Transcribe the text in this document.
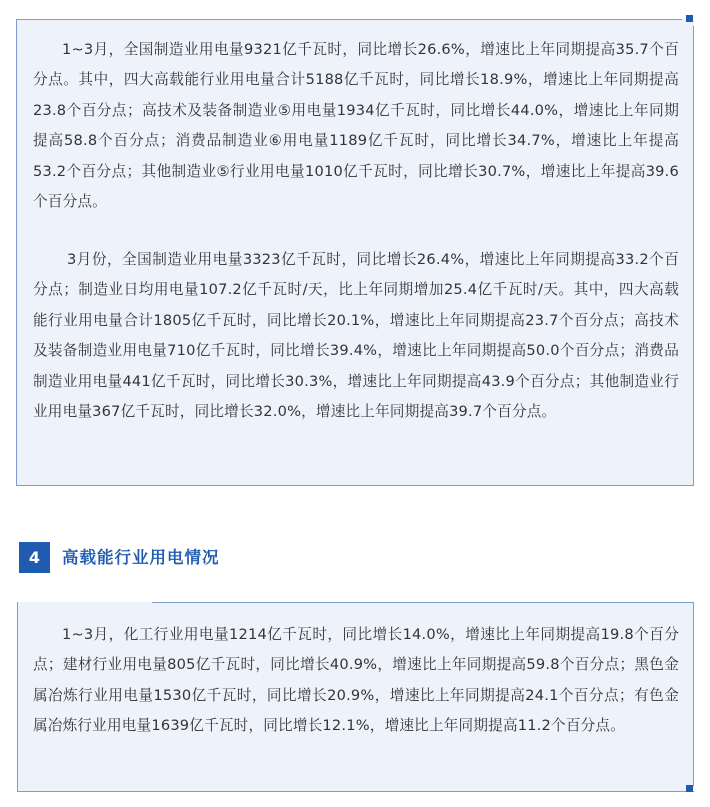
1~3月，全国制造业用电量9321亿千瓦时，同比增长26.6%，增速比上年同期提高35.7个百分点。其中，四大高载能行业用电量合计5188亿千瓦时，同比增长18.9%，增速比上年同期提高23.8个百分点；高技术及装备制造业⑤用电量1934亿千瓦时，同比增长44.0%，增速比上年同期提高58.8个百分点；消费品制造业⑥用电量1189亿千瓦时，同比增长34.7%，增速比上年提高53.2个百分点；其他制造业⑤行业用电量1010亿千瓦时，同比增长30.7%，增速比上年提高39.6个百分点。

3月份，全国制造业用电量3323亿千瓦时，同比增长26.4%，增速比上年同期提高33.2个百分点；制造业日均用电量107.2亿千瓦时/天，比上年同期增加25.4亿千瓦时/天。其中，四大高载能行业用电量合计1805亿千瓦时，同比增长20.1%，增速比上年同期提高23.7个百分点；高技术及装备制造业用电量710亿千瓦时，同比增长39.4%，增速比上年同期提高50.0个百分点；消费品制造业用电量441亿千瓦时，同比增长30.3%，增速比上年同期提高43.9个百分点；其他制造业行业用电量367亿千瓦时，同比增长32.0%，增速比上年同期提高39.7个百分点。

4	高载能行业用电情况

1~3月，化工行业用电量1214亿千瓦时，同比增长14.0%，增速比上年同期提高19.8个百分点；建材行业用电量805亿千瓦时，同比增长40.9%，增速比上年同期提高59.8个百分点；黑色金属冶炼行业用电量1530亿千瓦时，同比增长20.9%，增速比上年同期提高24.1个百分点；有色金属冶炼行业用电量1639亿千瓦时，同比增长12.1%，增速比上年同期提高11.2个百分点。
